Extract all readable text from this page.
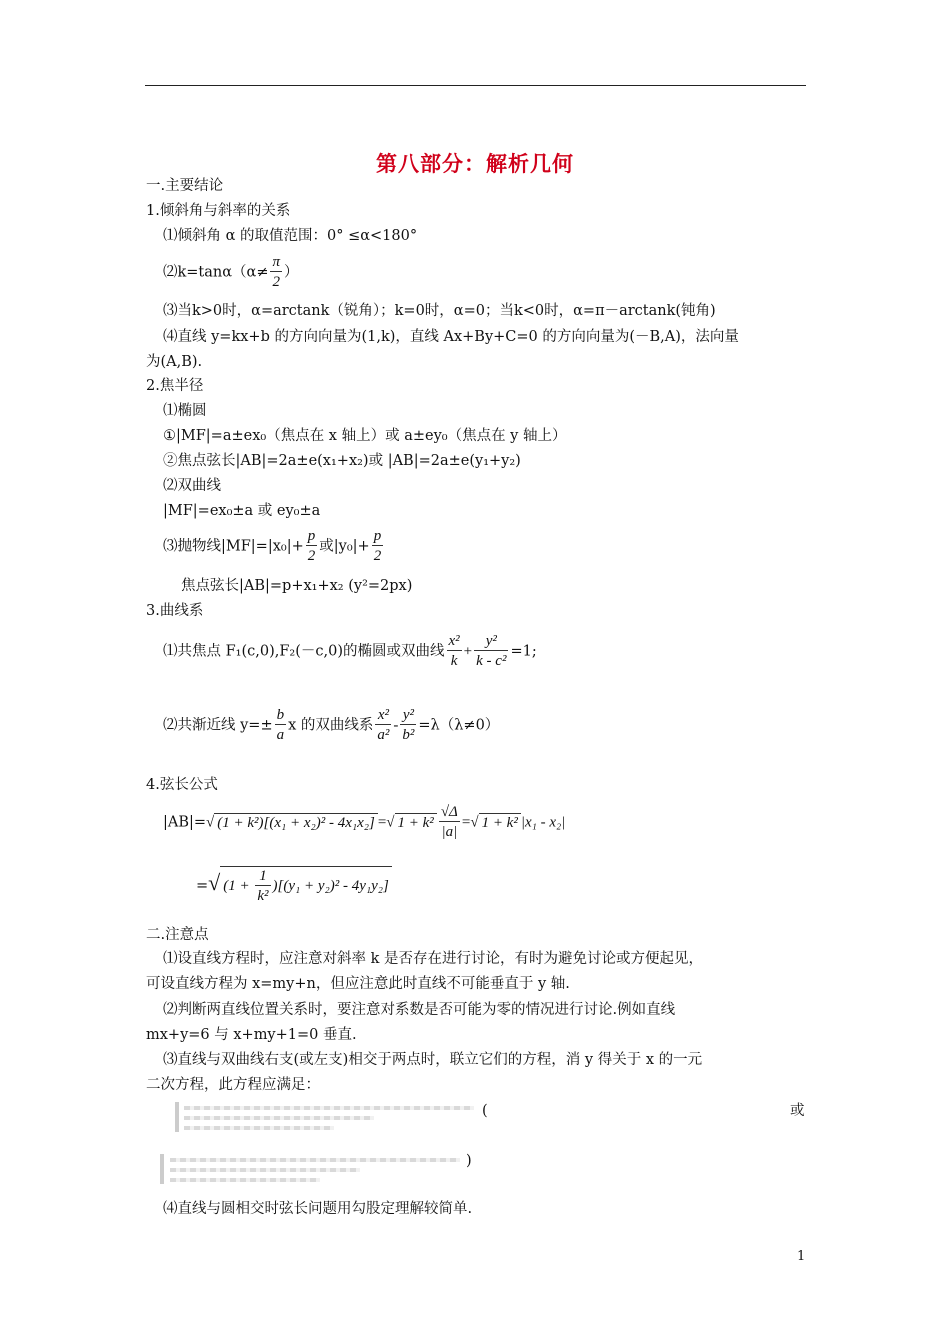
第八部分：解析几何
一.主要结论
1.倾斜角与斜率的关系
⑴倾斜角 α 的取值范围：0° ≤α<180°
⑵k=tanα（α≠ $\frac{\pi}{2}$ ）
⑶当k>0时，α=arctank（锐角）；k=0时，α=0；当k<0时，α=π－arctank(钝角)
⑷直线 y=kx+b 的方向向量为(1,k)，直线 Ax+By+C=0 的方向向量为(－B,A)，法向量
为(A,B).
2.焦半径
⑴椭圆
①|MF|=a±ex₀（焦点在 x 轴上）或 a±ey₀（焦点在 y 轴上）
②焦点弦长|AB|=2a±e(x₁+x₂)或 |AB|=2a±e(y₁+y₂)
⑵双曲线
|MF|=ex₀±a 或 ey₀±a
⑶抛物线$|MF|=|x_0|+ \frac{p}{2}$ 或$|y_0|+ \frac{p}{2}$
焦点弦长|AB|=p+x₁+x₂ (y²=2px)
3.曲线系
⑴共焦点 F₁(c,0),F₂(－c,0)的椭圆或双曲线 $\frac{\text{x²}}{k} + \frac{\text{y²}}{\text{k - c²}} =1$;
⑵共渐近线 $y=\pm \frac{b}{a}$ x 的双曲线系 $\frac{\text{x²}}{\text{a²}} - \frac{\text{y²}}{\text{b²}} =\lambda(\lambda\ne 0)$
4.弦长公式
|AB|=√ (1 + k²)[(x₁ + x₂)² - 4x₁x₂] =√ $1 + k^2 \frac{√\Delta}{|a|}$ =√ 1 + k² |x₁ - x₂|
=√ $(1 + \frac{1}{\text{k²}} )[(y_1 + y_2)^2 - 4y_1y_2]$
二.注意点
⑴设直线方程时，应注意对斜率 k 是否存在进行讨论，有时为避免讨论或方便起见，
可设直线方程为 x=my+n，但应注意此时直线不可能垂直于 y 轴.
⑵判断两直线位置关系时，要注意对系数是否可能为零的情况进行讨论.例如直线
mx+y=6 与 x+my+1=0 垂直.
⑶直线与双曲线右支(或左支)相交于两点时，联立它们的方程，消 y 得关于 x 的一元
二次方程，此方程应满足：
(	或
)
⑷直线与圆相交时弦长问题用勾股定理解较简单.
1
